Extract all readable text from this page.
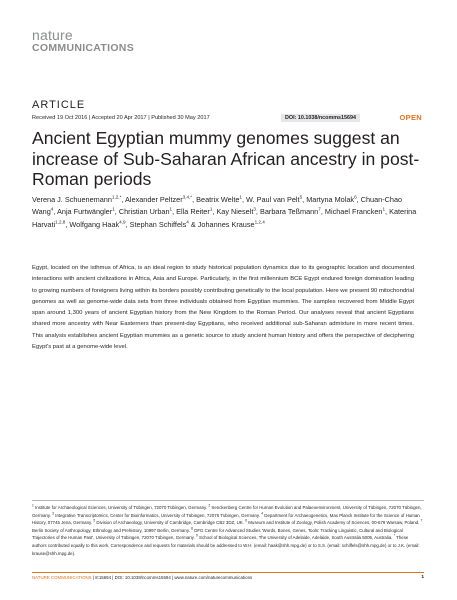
nature
COMMUNICATIONS
ARTICLE
Received 19 Oct 2016 | Accepted 20 Apr 2017 | Published 30 May 2017	DOI: 10.1038/ncomms15694	OPEN
Ancient Egyptian mummy genomes suggest an increase of Sub-Saharan African ancestry in post-Roman periods
Verena J. Schuenemann$^{1,2,*}$, Alexander Peltzer$^{3,4,*}$, Beatrix Welte$^1$, W. Paul van Pelt$^5$, Martyna Molak$^6$, Chuan-Chao Wang$^4$, Anja Furtwängler$^1$, Christian Urban$^1$, Ella Reiter$^1$, Kay Nieselt$^3$, Barbara Teßmann$^7$, Michael Francken$^1$, Katerina Harvati$^{1,2,8}$, Wolfgang Haak$^{4,9}$, Stephan Schiffels$^4$ & Johannes Krause$^{1,2,4}$
Egypt, located on the isthmus of Africa, is an ideal region to study historical population dynamics due to its geographic location and documented interactions with ancient civilizations in Africa, Asia and Europe. Particularly, in the first millennium BCE Egypt endured foreign domination leading to growing numbers of foreigners living within its borders possibly contributing genetically to the local population. Here we present 90 mitochondrial genomes as well as genome-wide data sets from three individuals obtained from Egyptian mummies. The samples recovered from Middle Egypt span around 1,300 years of ancient Egyptian history from the New Kingdom to the Roman Period. Our analyses reveal that ancient Egyptians shared more ancestry with Near Easterners than present-day Egyptians, who received additional sub-Saharan admixture in more recent times. This analysis establishes ancient Egyptian mummies as a genetic source to study ancient human history and offers the perspective of deciphering Egypt's past at a genome-wide level.
$^1$ Institute for Archaeological Sciences, University of Tübingen, 72070 Tübingen, Germany. $^2$ Senckenberg Centre for Human Evolution and Palaeoenvironment, University of Tübingen, 72070 Tübingen, Germany. $^3$ Integrative Transcriptomics, Center for Bioinformatics, University of Tübingen, 72076 Tübingen, Germany. $^4$ Department for Archaeogenetics, Max Planck Institute for the Science of Human History, 07745 Jena, Germany. $^5$ Division of Archaeology, University of Cambridge, Cambridge CB2 3DZ, UK. $^6$ Museum and Institute of Zoology, Polish Academy of Sciences, 00-679 Warsaw, Poland. $^7$ Berlin Society of Anthropology, Ethnology and Prehistory, 10997 Berlin, Germany. $^8$ DFG Centre for Advanced Studies 'Words, Bones, Genes, Tools: Tracking Linguistic, Cultural and Biological Trajectories of the Human Past', University of Tübingen, 72070 Tübingen, Germany. $^9$ School of Biological Sciences, The University of Adelaide, Adelaide, South Australia 5005, Australia. * These authors contributed equally to this work. Correspondence and requests for materials should be addressed to W.H. (email: haak@shh.mpg.de) or to S.S. (email: schiffels@shh.mpg.de) or to J.K. (email: krause@shh.mpg.de).
NATURE COMMUNICATIONS | 8:15694 | DOI: 10.1038/ncomms15694 | www.nature.com/naturecommunications	1
